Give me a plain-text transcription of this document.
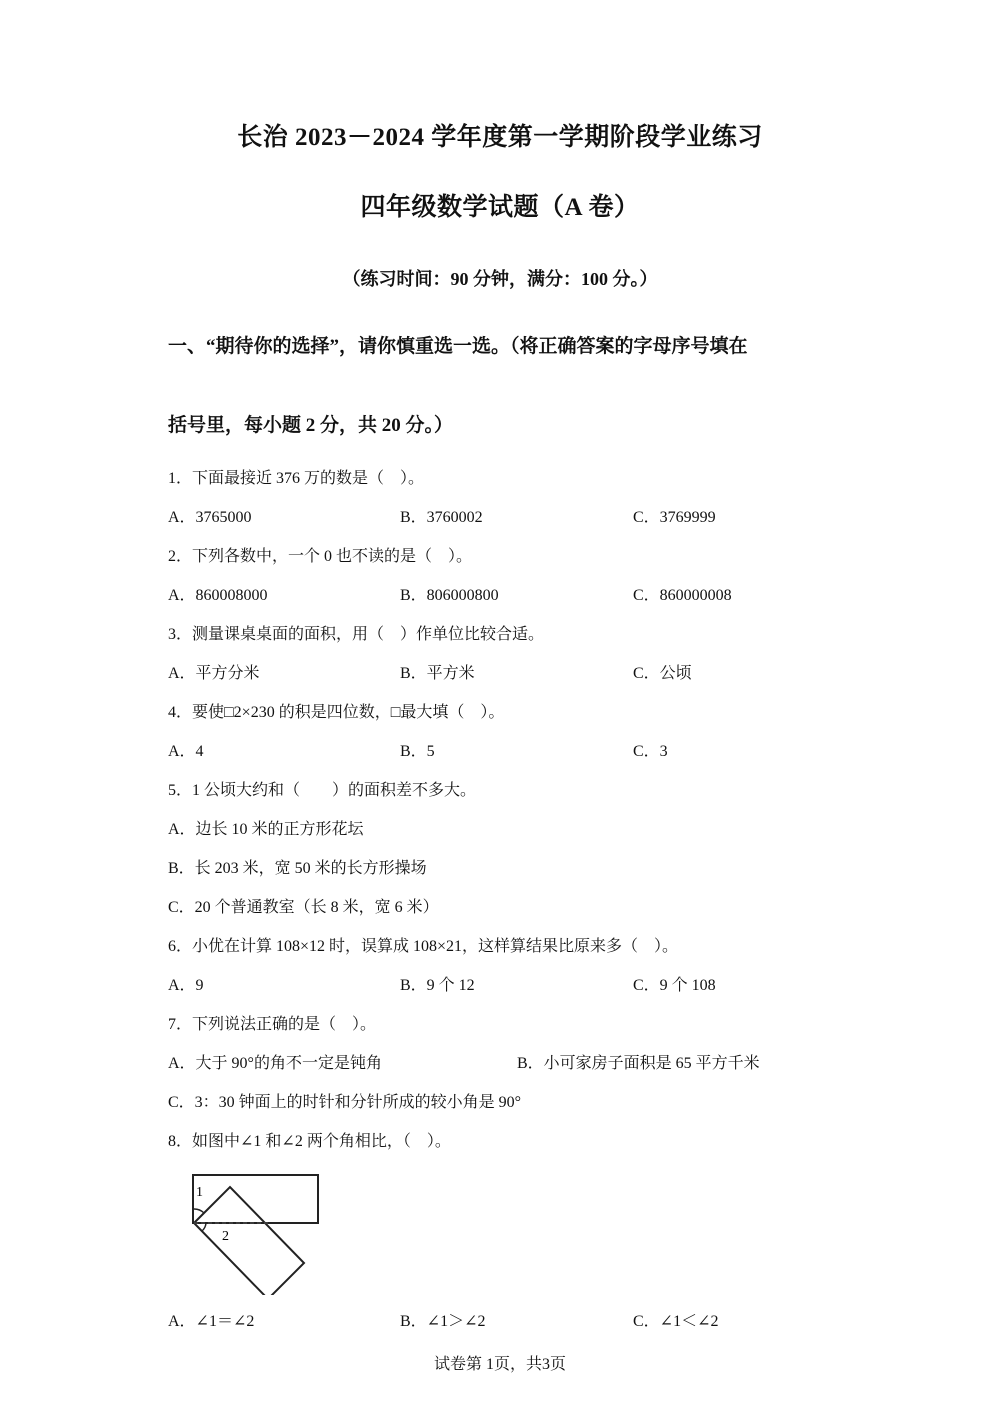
长治 2023－2024 学年度第一学期阶段学业练习
四年级数学试题（A 卷）
（练习时间：90 分钟，满分：100 分。）
一、“期待你的选择”，请你慎重选一选。（将正确答案的字母序号填在
括号里，每小题 2 分，共 20 分。）
1．下面最接近 376 万的数是（　）。
A．3765000	B．3760002	C．3769999
2．下列各数中，一个 0 也不读的是（　）。
A．860008000	B．806000800	C．860000008
3．测量课桌桌面的面积，用（　）作单位比较合适。
A．平方分米	B．平方米	C．公顷
4．要使□2×230 的积是四位数，□最大填（　）。
A．4	B．5	C．3
5．1 公顷大约和（　　）的面积差不多大。
A．边长 10 米的正方形花坛
B．长 203 米，宽 50 米的长方形操场
C．20 个普通教室（长 8 米，宽 6 米）
6．小优在计算 108×12 时，误算成 108×21，这样算结果比原来多（　）。
A．9	B．9 个 12	C．9 个 108
7．下列说法正确的是（　）。
A．大于 90°的角不一定是钝角	B．小可家房子面积是 65 平方千米
C．3：30 钟面上的时针和分针所成的较小角是 90°
8．如图中∠1 和∠2 两个角相比，（　）。
1
2
A．∠1＝∠2	B．∠1＞∠2	C．∠1＜∠2
试卷第 1页，共3页
